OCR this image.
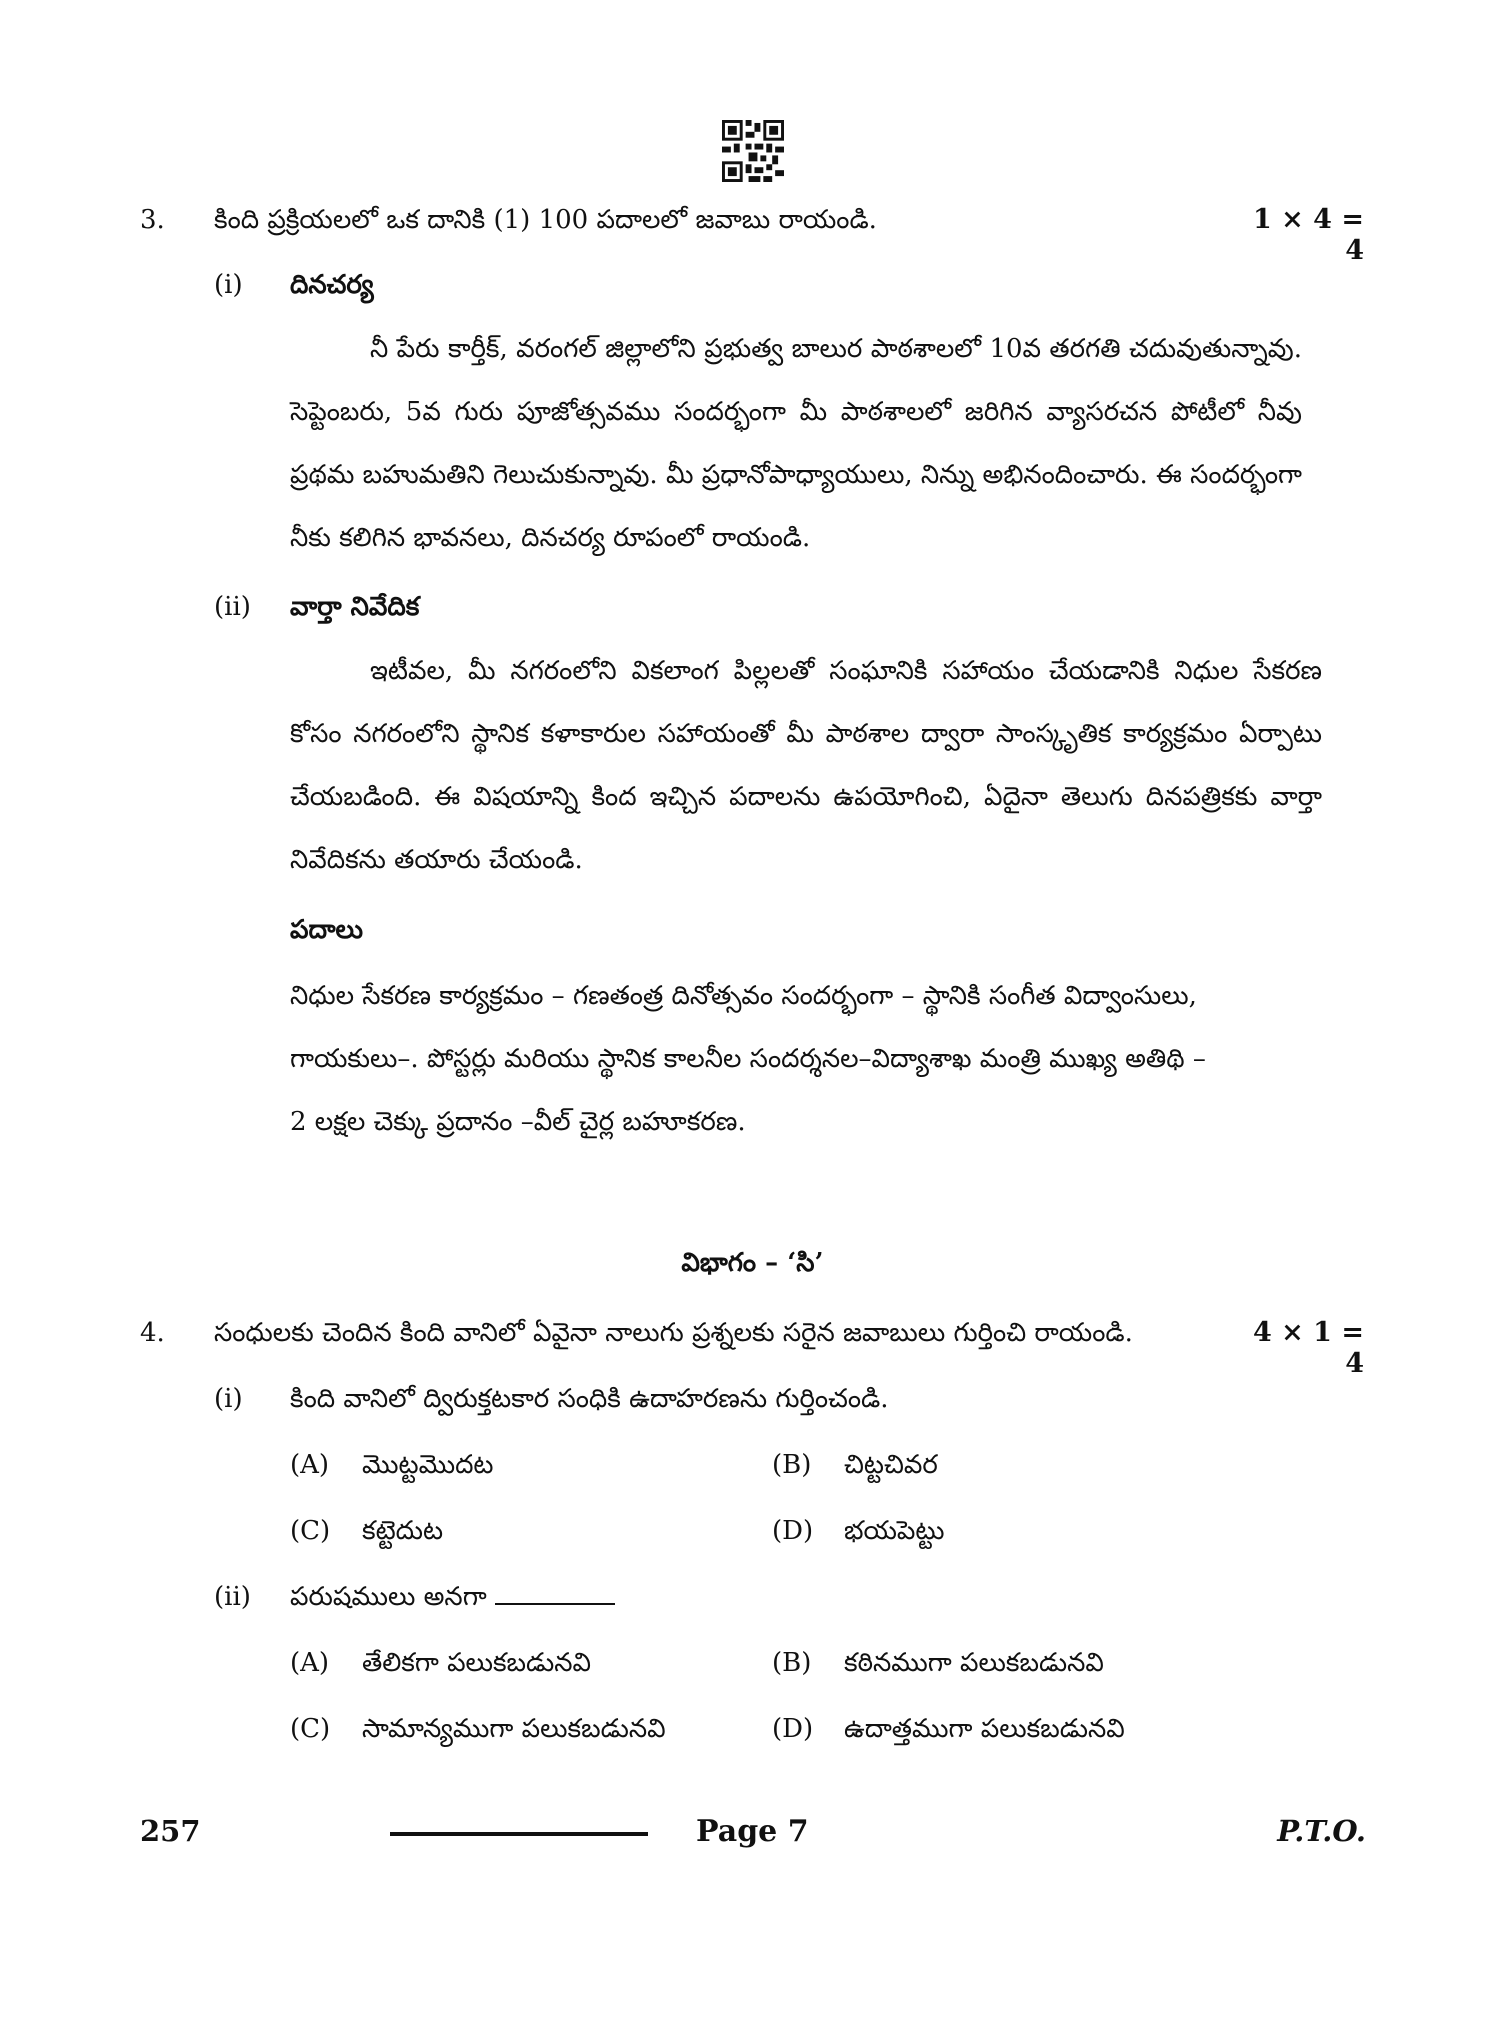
3. కింది ప్రక్రియలలో ఒక దానికి (1) 100 పదాలలో జవాబు రాయండి.	1 × 4 = 4
(i) దినచర్య
నీ పేరు కార్తీక్, వరంగల్ జిల్లాలోని ప్రభుత్వ బాలుర పాఠశాలలో 10వ తరగతి చదువుతున్నావు. సెప్టెంబరు, 5వ గురు పూజోత్సవము సందర్భంగా మీ పాఠశాలలో జరిగిన వ్యాసరచన పోటీలో నీవు ప్రథమ బహుమతిని గెలుచుకున్నావు. మీ ప్రధానోపాధ్యాయులు, నిన్ను అభినందించారు. ఈ సందర్భంగా నీకు కలిగిన భావనలు, దినచర్య రూపంలో రాయండి.
(ii) వార్తా నివేదిక
ఇటీవల, మీ నగరంలోని వికలాంగ పిల్లలతో సంఘానికి సహాయం చేయడానికి నిధుల సేకరణ కోసం నగరంలోని స్థానిక కళాకారుల సహాయంతో మీ పాఠశాల ద్వారా సాంస్కృతిక కార్యక్రమం ఏర్పాటు చేయబడింది. ఈ విషయాన్ని కింద ఇచ్చిన పదాలను ఉపయోగించి, ఏదైనా తెలుగు దినపత్రికకు వార్తా నివేదికను తయారు చేయండి.
పదాలు
నిధుల సేకరణ కార్యక్రమం – గణతంత్ర దినోత్సవం సందర్భంగా – స్థానికి సంగీత విద్వాంసులు,
గాయకులు–. పోస్టర్లు మరియు స్థానిక కాలనీల సందర్శనల–విద్యాశాఖ మంత్రి ముఖ్య అతిథి –
2 లక్షల చెక్కు ప్రదానం –వీల్ చైర్ల బహూకరణ.
విభాగం – ‘సి’
4. సంధులకు చెందిన కింది వానిలో ఏవైనా నాలుగు ప్రశ్నలకు సరైన జవాబులు గుర్తించి రాయండి.	4 × 1 = 4
(i) కింది వానిలో ద్విరుక్తటకార సంధికి ఉదాహరణను గుర్తించండి.
(A) మొట్టమొదట	(B) చిట్టచివర
(C) కట్టెదుట	(D) భయపెట్టు
(ii) పరుషములు అనగా
(A) తేలికగా పలుకబడునవి	(B) కఠినముగా పలుకబడునవి
(C) సామాన్యముగా పలుకబడునవి	(D) ఉదాత్తముగా పలుకబడునవి
257	Page 7	P.T.O.
